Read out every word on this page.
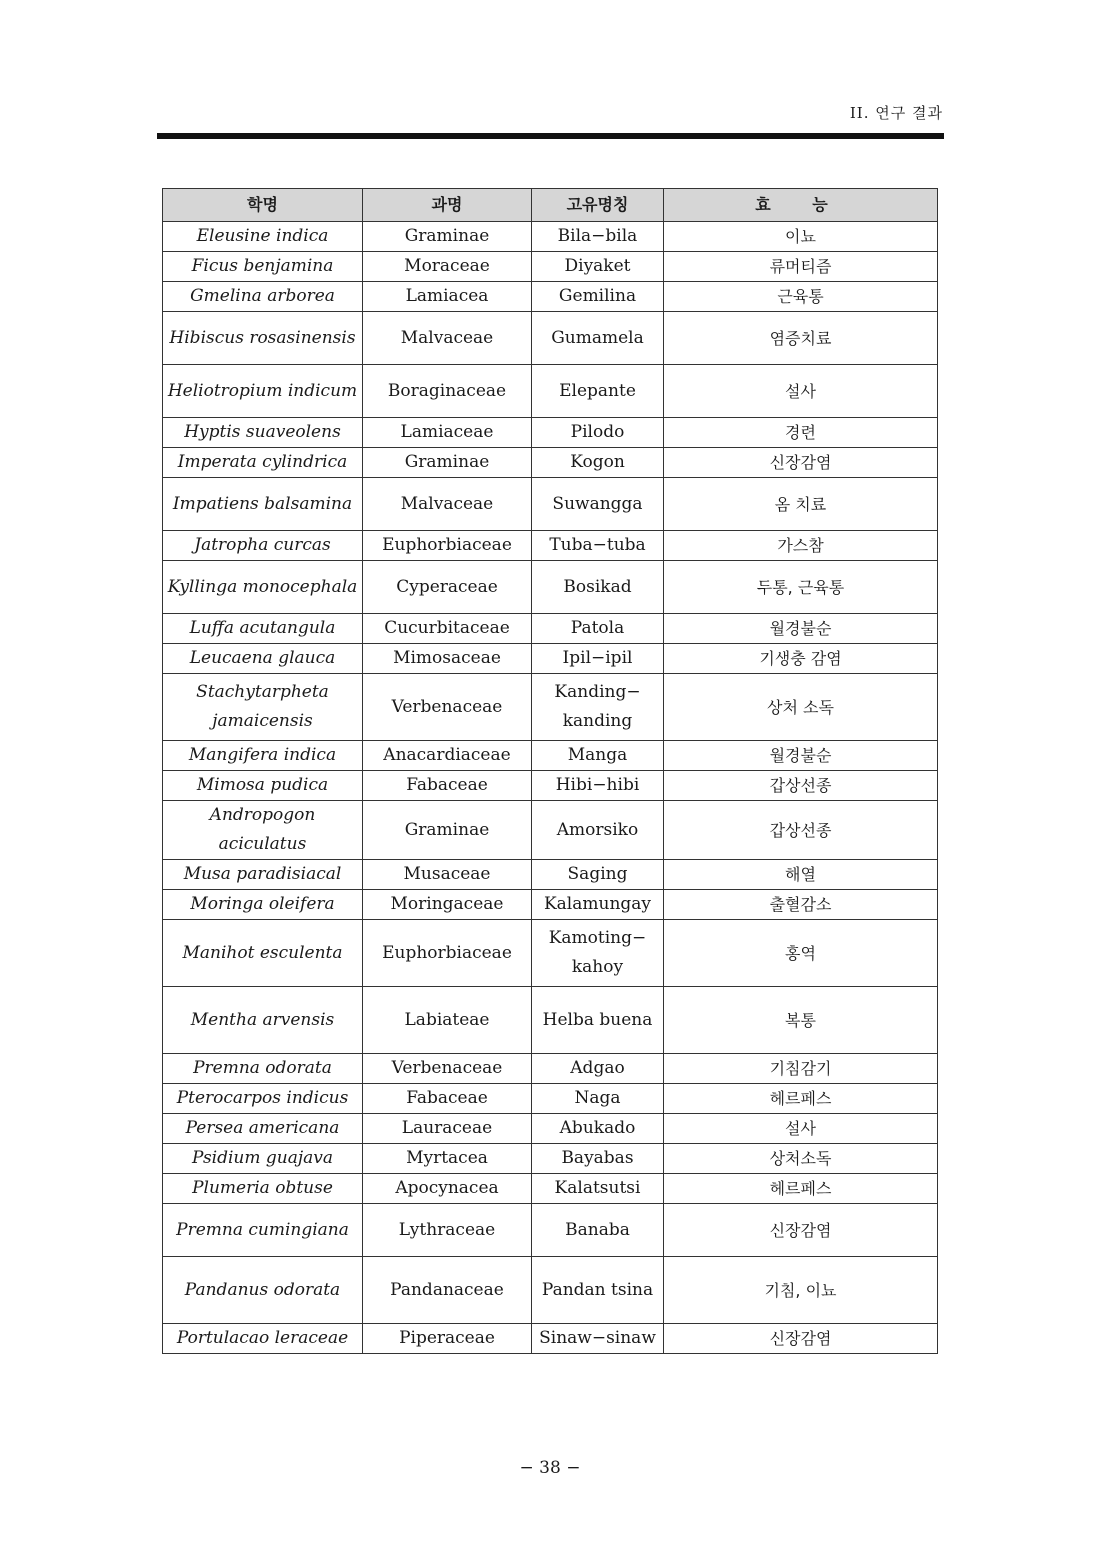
II. 연구 결과
학명	과명	고유명칭	효 능
Eleusine indica	Graminae	Bila−bila	이뇨
Ficus benjamina	Moraceae	Diyaket	류머티즘
Gmelina arborea	Lamiacea	Gemilina	근육통
Hibiscus rosasinensis	Malvaceae	Gumamela	염증치료
Heliotropium indicum	Boraginaceae	Elepante	설사
Hyptis suaveolens	Lamiaceae	Pilodo	경련
Imperata cylindrica	Graminae	Kogon	신장감염
Impatiens balsamina	Malvaceae	Suwangga	옴 치료
Jatropha curcas	Euphorbiaceae	Tuba−tuba	가스참
Kyllinga monocephala	Cyperaceae	Bosikad	두통, 근육통
Luffa acutangula	Cucurbitaceae	Patola	월경불순
Leucaena glauca	Mimosaceae	Ipil−ipil	기생충 감염
Stachytarpheta jamaicensis	Verbenaceae	Kanding− kanding	상처 소독
Mangifera indica	Anacardiaceae	Manga	월경불순
Mimosa pudica	Fabaceae	Hibi−hibi	갑상선종
Andropogon aciculatus	Graminae	Amorsiko	갑상선종
Musa paradisiacal	Musaceae	Saging	해열
Moringa oleifera	Moringaceae	Kalamungay	출혈감소
Manihot esculenta	Euphorbiaceae	Kamoting− kahoy	홍역
Mentha arvensis	Labiateae	Helba buena	복통
Premna odorata	Verbenaceae	Adgao	기침감기
Pterocarpos indicus	Fabaceae	Naga	헤르페스
Persea americana	Lauraceae	Abukado	설사
Psidium guajava	Myrtacea	Bayabas	상처소독
Plumeria obtuse	Apocynacea	Kalatsutsi	헤르페스
Premna cumingiana	Lythraceae	Banaba	신장감염
Pandanus odorata	Pandanaceae	Pandan tsina	기침, 이뇨
Portulacao leraceae	Piperaceae	Sinaw−sinaw	신장감염
− 38 −
